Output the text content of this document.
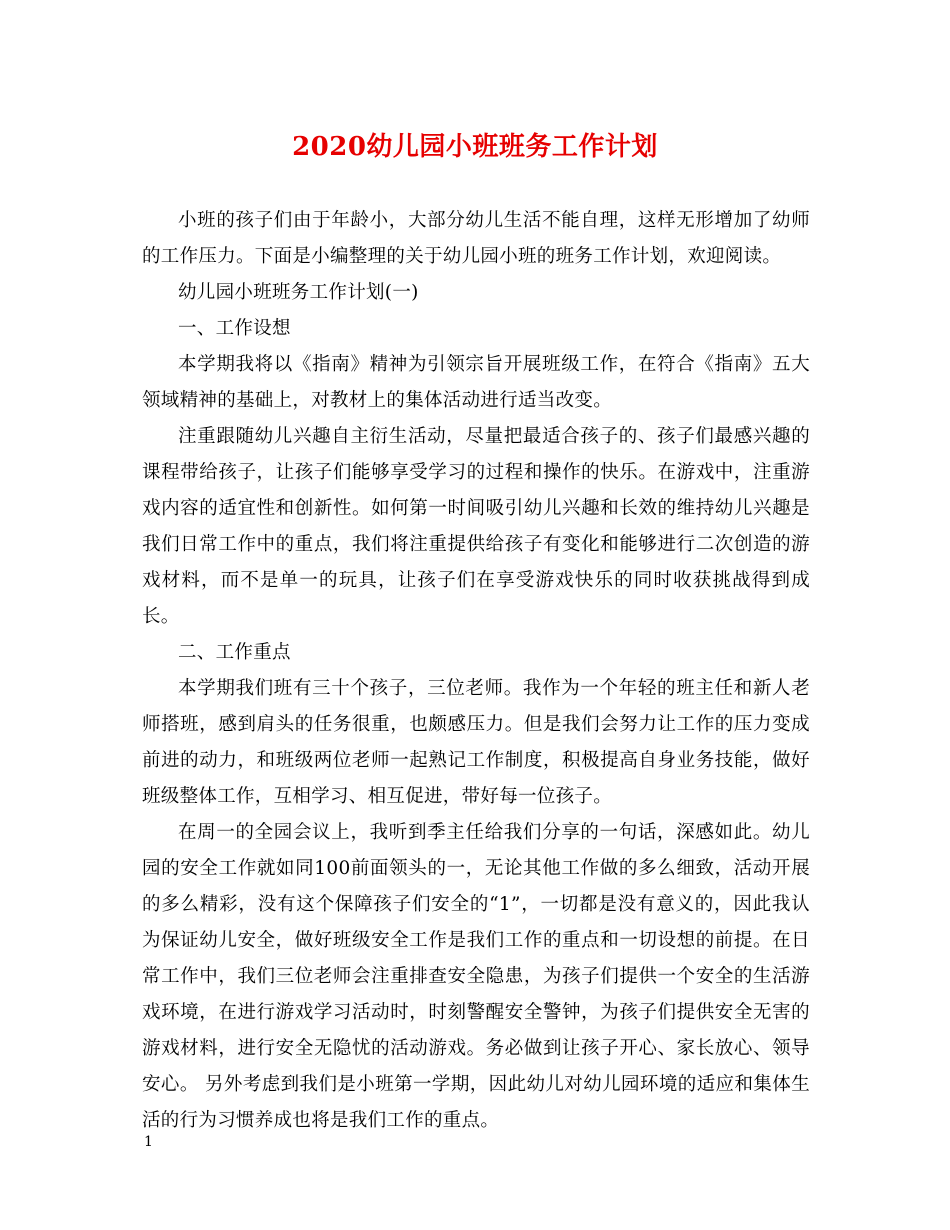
2020幼儿园小班班务工作计划

小班的孩子们由于年龄小，大部分幼儿生活不能自理，这样无形增加了幼师的工作压力。下面是小编整理的关于幼儿园小班的班务工作计划，欢迎阅读。

幼儿园小班班务工作计划(一)

一、工作设想

本学期我将以《指南》精神为引领宗旨开展班级工作，在符合《指南》五大领域精神的基础上，对教材上的集体活动进行适当改变。

注重跟随幼儿兴趣自主衍生活动，尽量把最适合孩子的、孩子们最感兴趣的课程带给孩子，让孩子们能够享受学习的过程和操作的快乐。在游戏中，注重游戏内容的适宜性和创新性。如何第一时间吸引幼儿兴趣和长效的维持幼儿兴趣是我们日常工作中的重点，我们将注重提供给孩子有变化和能够进行二次创造的游戏材料，而不是单一的玩具，让孩子们在享受游戏快乐的同时收获挑战得到成长。

二、工作重点

本学期我们班有三十个孩子，三位老师。我作为一个年轻的班主任和新人老师搭班，感到肩头的任务很重，也颇感压力。但是我们会努力让工作的压力变成前进的动力，和班级两位老师一起熟记工作制度，积极提高自身业务技能，做好班级整体工作，互相学习、相互促进，带好每一位孩子。

在周一的全园会议上，我听到季主任给我们分享的一句话，深感如此。幼儿园的安全工作就如同100前面领头的一，无论其他工作做的多么细致，活动开展的多么精彩，没有这个保障孩子们安全的“1”，一切都是没有意义的，因此我认为保证幼儿安全，做好班级安全工作是我们工作的重点和一切设想的前提。在日常工作中，我们三位老师会注重排查安全隐患，为孩子们提供一个安全的生活游戏环境，在进行游戏学习活动时，时刻警醒安全警钟，为孩子们提供安全无害的游戏材料，进行安全无隐忧的活动游戏。务必做到让孩子开心、家长放心、领导安心。 另外考虑到我们是小班第一学期，因此幼儿对幼儿园环境的适应和集体生活的行为习惯养成也将是我们工作的重点。

1
